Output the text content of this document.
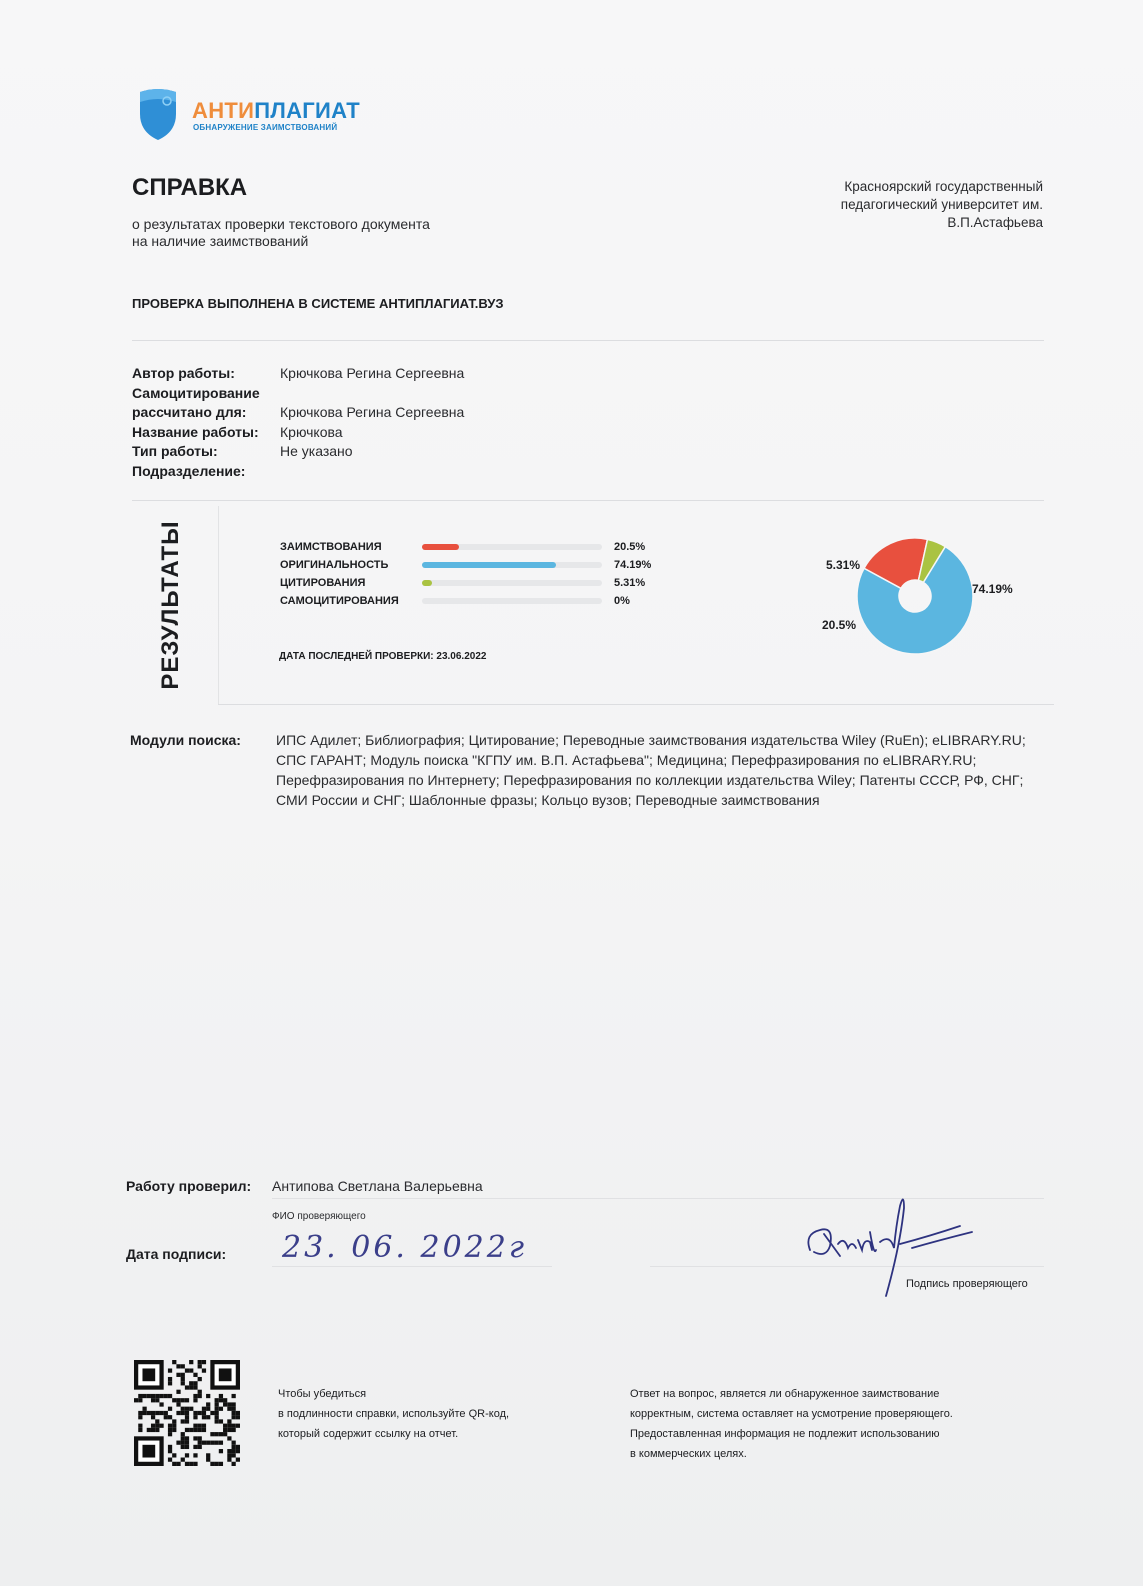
АНТИПЛАГИАТ
ОБНАРУЖЕНИЕ ЗАИМСТВОВАНИЙ
СПРАВКА
о результатах проверки текстового документа
на наличие заимствований
Красноярский государственный
педагогический университет им.
В.П.Астафьева
ПРОВЕРКА ВЫПОЛНЕНА В СИСТЕМЕ АНТИПЛАГИАТ.ВУЗ
Автор работы:	Крючкова Регина Сергеевна
Самоцитирование
рассчитано для:	Крючкова Регина Сергеевна
Название работы:	Крючкова
Тип работы:	Не указано
Подразделение:
РЕЗУЛЬТАТЫ	ЗАИМСТВОВАНИЯ	20.5%
ОРИГИНАЛЬНОСТЬ	74.19%
ЦИТИРОВАНИЯ	5.31%
САМОЦИТИРОВАНИЯ	0%
ДАТА ПОСЛЕДНЕЙ ПРОВЕРКИ: 23.06.2022
5.31%
74.19%
20.5%
Модули поиска:	ИПС Адилет; Библиография; Цитирование; Переводные заимствования издательства Wiley (RuEn); eLIBRARY.RU; СПС ГАРАНТ; Модуль поиска "КГПУ им. В.П. Астафьева"; Медицина; Перефразирования по eLIBRARY.RU; Перефразирования по Интернету; Перефразирования по коллекции издательства Wiley; Патенты СССР, РФ, СНГ; СМИ России и СНГ; Шаблонные фразы; Кольцо вузов; Переводные заимствования
Работу проверил:	Антипова Светлана Валерьевна
ФИО проверяющего
Дата подписи: 23. 06. 2022г
Подпись проверяющего
Чтобы убедиться
в подлинности справки, используйте QR-код,
который содержит ссылку на отчет.
Ответ на вопрос, является ли обнаруженное заимствование
корректным, система оставляет на усмотрение проверяющего.
Предоставленная информация не подлежит использованию
в коммерческих целях.
